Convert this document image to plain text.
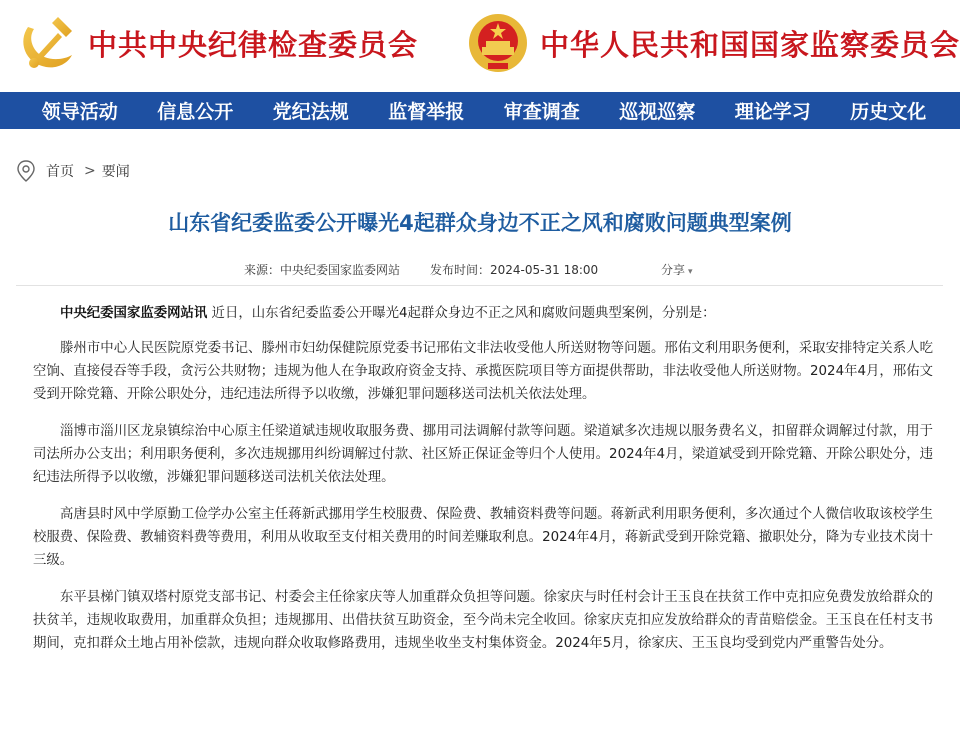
中共中央纪律检查委员会	中华人民共和国国家监察委员会
领导活动	信息公开	党纪法规	监督举报	审查调查	巡视巡察	理论学习	历史文化
首页 > 要闻
山东省纪委监委公开曝光4起群众身边不正之风和腐败问题典型案例
来源：中央纪委国家监委网站 发布时间：2024-05-31 18:00	分享 ▾

中央纪委国家监委网站讯 近日，山东省纪委监委公开曝光4起群众身边不正之风和腐败问题典型案例，分别是：

滕州市中心人民医院原党委书记、滕州市妇幼保健院原党委书记邢佑文非法收受他人所送财物等问题。邢佑文利用职务便利，采取安排特定关系人吃空饷、直接侵吞等手段，贪污公共财物；违规为他人在争取政府资金支持、承揽医院项目等方面提供帮助，非法收受他人所送财物。2024年4月，邢佑文受到开除党籍、开除公职处分，违纪违法所得予以收缴，涉嫌犯罪问题移送司法机关依法处理。

淄博市淄川区龙泉镇综治中心原主任梁道斌违规收取服务费、挪用司法调解付款等问题。梁道斌多次违规以服务费名义，扣留群众调解过付款，用于司法所办公支出；利用职务便利，多次违规挪用纠纷调解过付款、社区矫正保证金等归个人使用。2024年4月，梁道斌受到开除党籍、开除公职处分，违纪违法所得予以收缴，涉嫌犯罪问题移送司法机关依法处理。

高唐县时风中学原勤工俭学办公室主任蒋新武挪用学生校服费、保险费、教辅资料费等问题。蒋新武利用职务便利，多次通过个人微信收取该校学生校服费、保险费、教辅资料费等费用，利用从收取至支付相关费用的时间差赚取利息。2024年4月，蒋新武受到开除党籍、撤职处分，降为专业技术岗十三级。

东平县梯门镇双塔村原党支部书记、村委会主任徐家庆等人加重群众负担等问题。徐家庆与时任村会计王玉良在扶贫工作中克扣应免费发放给群众的扶贫羊，违规收取费用，加重群众负担；违规挪用、出借扶贫互助资金，至今尚未完全收回。徐家庆克扣应发放给群众的青苗赔偿金。王玉良在任村支书期间，克扣群众土地占用补偿款，违规向群众收取修路费用，违规坐收坐支村集体资金。2024年5月，徐家庆、王玉良均受到党内严重警告处分。
